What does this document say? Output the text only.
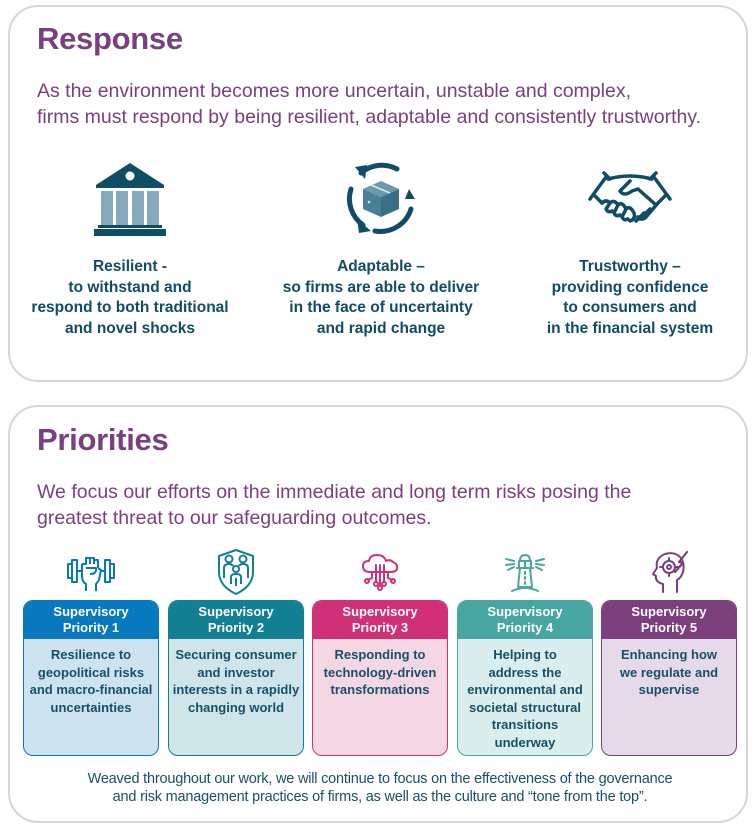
Response
As the environment becomes more uncertain, unstable and complex,
firms must respond by being resilient, adaptable and consistently trustworthy.
Resilient -
to withstand and
respond to both traditional
and novel shocks
Adaptable –
so firms are able to deliver
in the face of uncertainty
and rapid change
Trustworthy –
providing confidence
to consumers and
in the financial system
Priorities
We focus our efforts on the immediate and long term risks posing the
greatest threat to our safeguarding outcomes.
Supervisory
Priority 1
Resilience to
geopolitical risks
and macro-financial
uncertainties
Supervisory
Priority 2
Securing consumer
and investor
interests in a rapidly
changing world
Supervisory
Priority 3
Responding to
technology-driven
transformations
Supervisory
Priority 4
Helping to
address the
environmental and
societal structural
transitions
underway
Supervisory
Priority 5
Enhancing how
we regulate and
supervise
Weaved throughout our work, we will continue to focus on the effectiveness of the governance
and risk management practices of firms, as well as the culture and “tone from the top”.
